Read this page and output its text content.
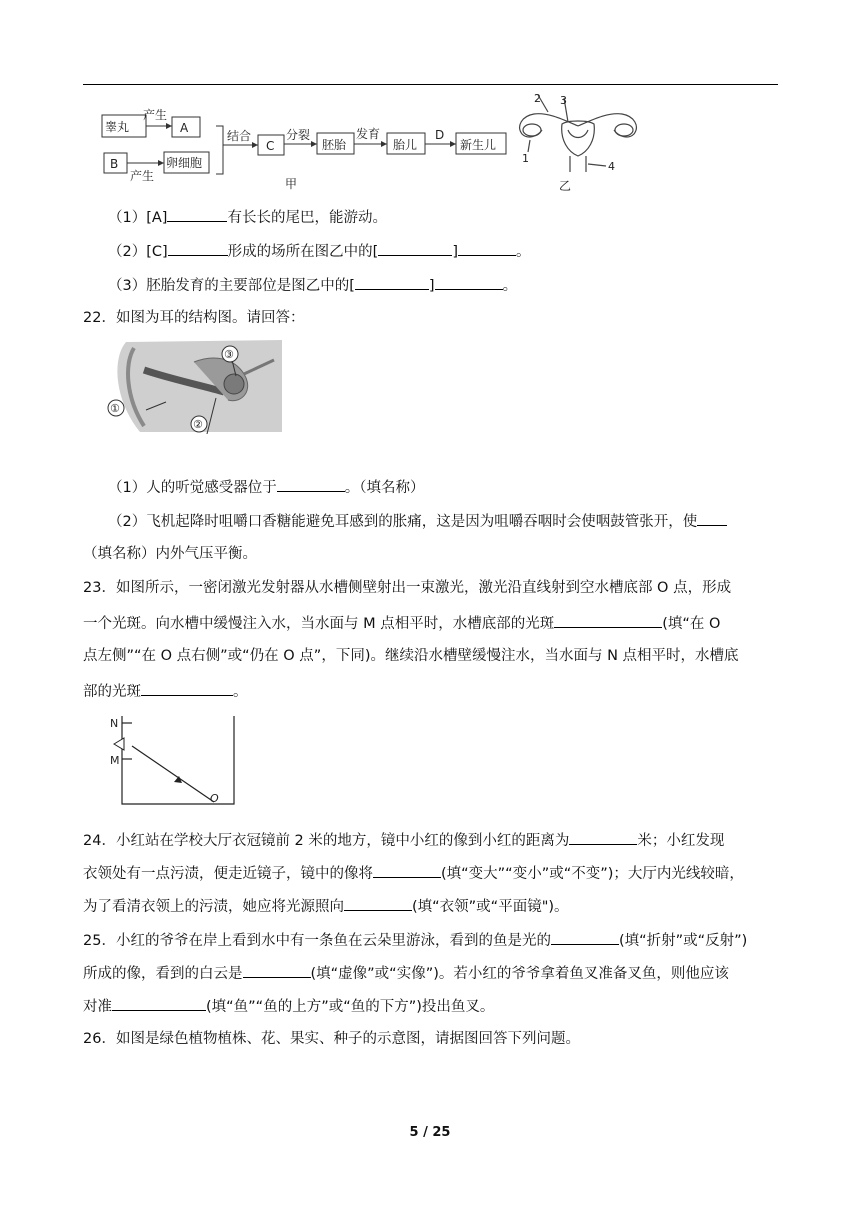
睾丸
产生
A
B
产生
卵细胞
结合
C
分裂
胚胎
发育
胎儿
D
新生儿
甲
2 3
1
4
乙
（1）[A]	有长长的尾巴，能游动。
（2）[C]	形成的场所在图乙中的[	]	。
（3）胚胎发育的主要部位是图乙中的[	]	。
22．如图为耳的结构图。请回答：
①
②
③
（1）人的听觉感受器位于	。（填名称）
（2）飞机起降时咀嚼口香糖能避免耳感到的胀痛，这是因为咀嚼吞咽时会使咽鼓管张开，使
（填名称）内外气压平衡。
23．如图所示，一密闭激光发射器从水槽侧壁射出一束激光，激光沿直线射到空水槽底部 O 点，形成
一个光斑。向水槽中缓慢注入水，当水面与 M 点相平时，水槽底部的光斑	(填“在 O
点左侧”“在 O 点右侧”或“仍在 O 点”，下同)。继续沿水槽壁缓慢注水，当水面与 N 点相平时，水槽底
部的光斑	。
N
M
O
24．小红站在学校大厅衣冠镜前 2 米的地方，镜中小红的像到小红的距离为	米；小红发现
衣领处有一点污渍，便走近镜子，镜中的像将	(填“变大”“变小”或“不变”)；大厅内光线较暗，
为了看清衣领上的污渍，她应将光源照向	(填“衣领”或“平面镜")。
25．小红的爷爷在岸上看到水中有一条鱼在云朵里游泳，看到的鱼是光的	(填“折射”或“反射”)
所成的像，看到的白云是	(填“虚像”或“实像”)。若小红的爷爷拿着鱼叉准备叉鱼，则他应该
对准	(填“鱼”“鱼的上方”或“鱼的下方”)投出鱼叉。
26．如图是绿色植物植株、花、果实、种子的示意图，请据图回答下列问题。
5 / 25
